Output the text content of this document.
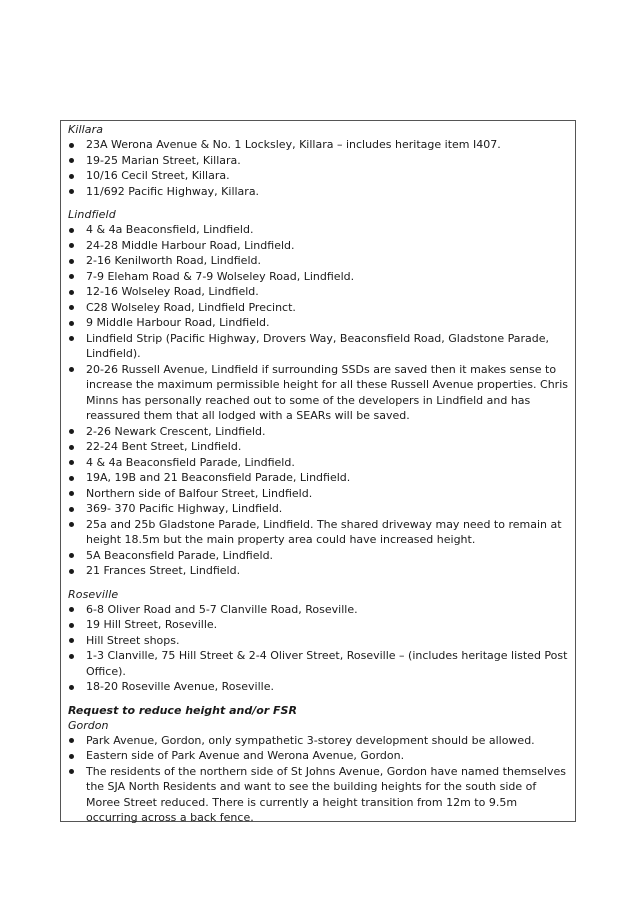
Killara

23A Werona Avenue & No. 1 Locksley, Killara – includes heritage item I407.
19-25 Marian Street, Killara.
10/16 Cecil Street, Killara.
11/692 Pacific Highway, Killara.

Lindfield

4 & 4a Beaconsfield, Lindfield.
24-28 Middle Harbour Road, Lindfield.
2-16 Kenilworth Road, Lindfield.
7-9 Eleham Road & 7-9 Wolseley Road, Lindfield.
12-16 Wolseley Road, Lindfield.
C28 Wolseley Road, Lindfield Precinct.
9 Middle Harbour Road, Lindfield.
Lindfield Strip (Pacific Highway, Drovers Way, Beaconsfield Road, Gladstone Parade, Lindfield).
20-26 Russell Avenue, Lindfield if surrounding SSDs are saved then it makes sense to increase the maximum permissible height for all these Russell Avenue properties. Chris Minns has personally reached out to some of the developers in Lindfield and has reassured them that all lodged with a SEARs will be saved.
2-26 Newark Crescent, Lindfield.
22-24 Bent Street, Lindfield.
4 & 4a Beaconsfield Parade, Lindfield.
19A, 19B and 21 Beaconsfield Parade, Lindfield.
Northern side of Balfour Street, Lindfield.
369- 370 Pacific Highway, Lindfield.
25a and 25b Gladstone Parade, Lindfield. The shared driveway may need to remain at height 18.5m but the main property area could have increased height.
5A Beaconsfield Parade, Lindfield.
21 Frances Street, Lindfield.

Roseville

6-8 Oliver Road and 5-7 Clanville Road, Roseville.
19 Hill Street, Roseville.
Hill Street shops.
1-3 Clanville, 75 Hill Street & 2-4 Oliver Street, Roseville – (includes heritage listed Post Office).
18-20 Roseville Avenue, Roseville.

Request to reduce height and/or FSR

Gordon

Park Avenue, Gordon, only sympathetic 3-storey development should be allowed.
Eastern side of Park Avenue and Werona Avenue, Gordon.
The residents of the northern side of St Johns Avenue, Gordon have named themselves the SJA North Residents and want to see the building heights for the south side of Moree Street reduced. There is currently a height transition from 12m to 9.5m occurring across a back fence.
